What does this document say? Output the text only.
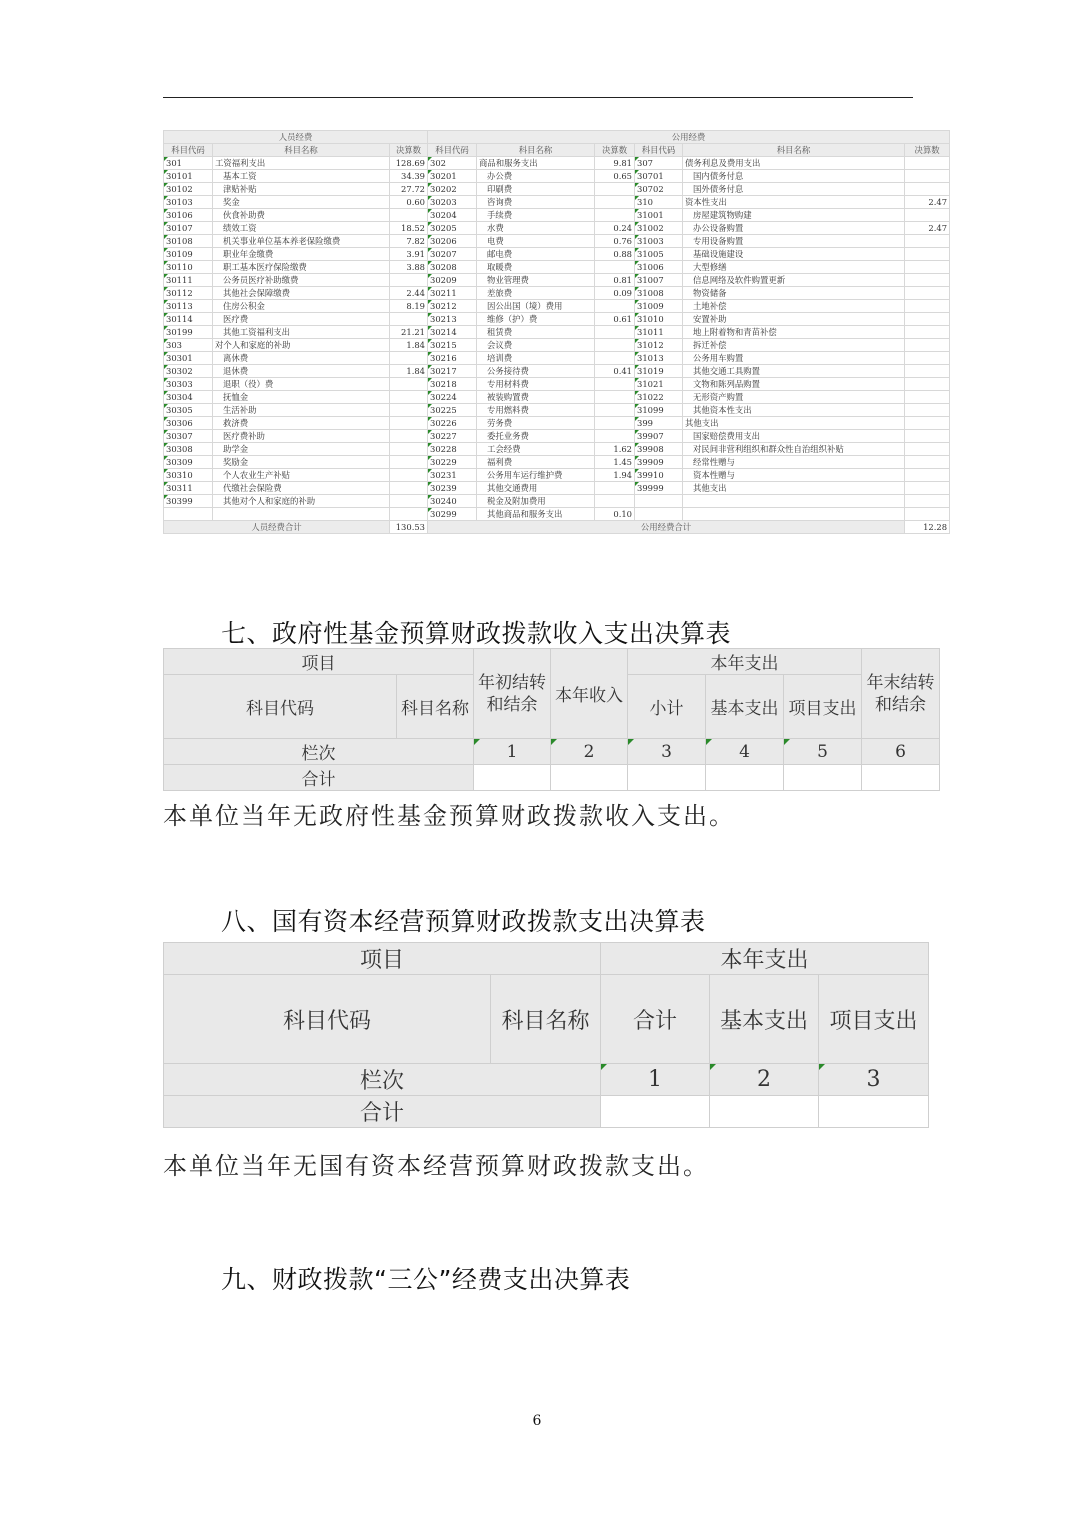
人员经费			公用经费					
科目代码	科目名称	决算数	科目代码	科目名称	决算数	科目代码	科目名称	决算数
301	工资福利支出	128.69	302	商品和服务支出	9.81	307	债务利息及费用支出	
30101	基本工资	34.39	30201	办公费	0.65	30701	国内债务付息	
30102	津贴补贴	27.72	30202	印刷费		30702	国外债务付息	
30103	奖金	0.60	30203	咨询费		310	资本性支出	2.47
30106	伙食补助费		30204	手续费		31001	房屋建筑物购建	
30107	绩效工资	18.52	30205	水费	0.24	31002	办公设备购置	2.47
30108	机关事业单位基本养老保险缴费	7.82	30206	电费	0.76	31003	专用设备购置	
30109	职业年金缴费	3.91	30207	邮电费	0.88	31005	基础设施建设	
30110	职工基本医疗保险缴费	3.88	30208	取暖费		31006	大型修缮	
30111	公务员医疗补助缴费		30209	物业管理费	0.81	31007	信息网络及软件购置更新	
30112	其他社会保障缴费	2.44	30211	差旅费	0.09	31008	物资储备	
30113	住房公积金	8.19	30212	因公出国（境）费用		31009	土地补偿	
30114	医疗费		30213	维修（护）费	0.61	31010	安置补助	
30199	其他工资福利支出	21.21	30214	租赁费		31011	地上附着物和青苗补偿	
303	对个人和家庭的补助	1.84	30215	会议费		31012	拆迁补偿	
30301	离休费		30216	培训费		31013	公务用车购置	
30302	退休费	1.84	30217	公务接待费	0.41	31019	其他交通工具购置	
30303	退职（役）费		30218	专用材料费		31021	文物和陈列品购置	
30304	抚恤金		30224	被装购置费		31022	无形资产购置	
30305	生活补助		30225	专用燃料费		31099	其他资本性支出	
30306	救济费		30226	劳务费		399	其他支出	
30307	医疗费补助		30227	委托业务费		39907	国家赔偿费用支出	
30308	助学金		30228	工会经费	1.62	39908	对民间非营利组织和群众性自治组织补贴	
30309	奖励金		30229	福利费	1.45	39909	经常性赠与	
30310	个人农业生产补贴		30231	公务用车运行维护费	1.94	39910	资本性赠与	
30311	代缴社会保险费		30239	其他交通费用		39999	其他支出	
30399	其他对个人和家庭的补助		30240	税金及附加费用				
			30299	其他商品和服务支出	0.10			
人员经费合计		130.53	公用经费合计					12.28
七、政府性基金预算财政拨款收入支出决算表
项目		年初结转和结余	本年收入	本年支出			年末结转和结余
科目代码	科目名称			小计	基本支出	项目支出	
栏次		1	2	3	4	5	6
合计							
本单位当年无政府性基金预算财政拨款收入支出。
八、国有资本经营预算财政拨款支出决算表
项目		本年支出		
科目代码	科目名称	合计	基本支出	项目支出
栏次		1	2	3
合计				
本单位当年无国有资本经营预算财政拨款支出。
九、财政拨款“三公”经费支出决算表
6
